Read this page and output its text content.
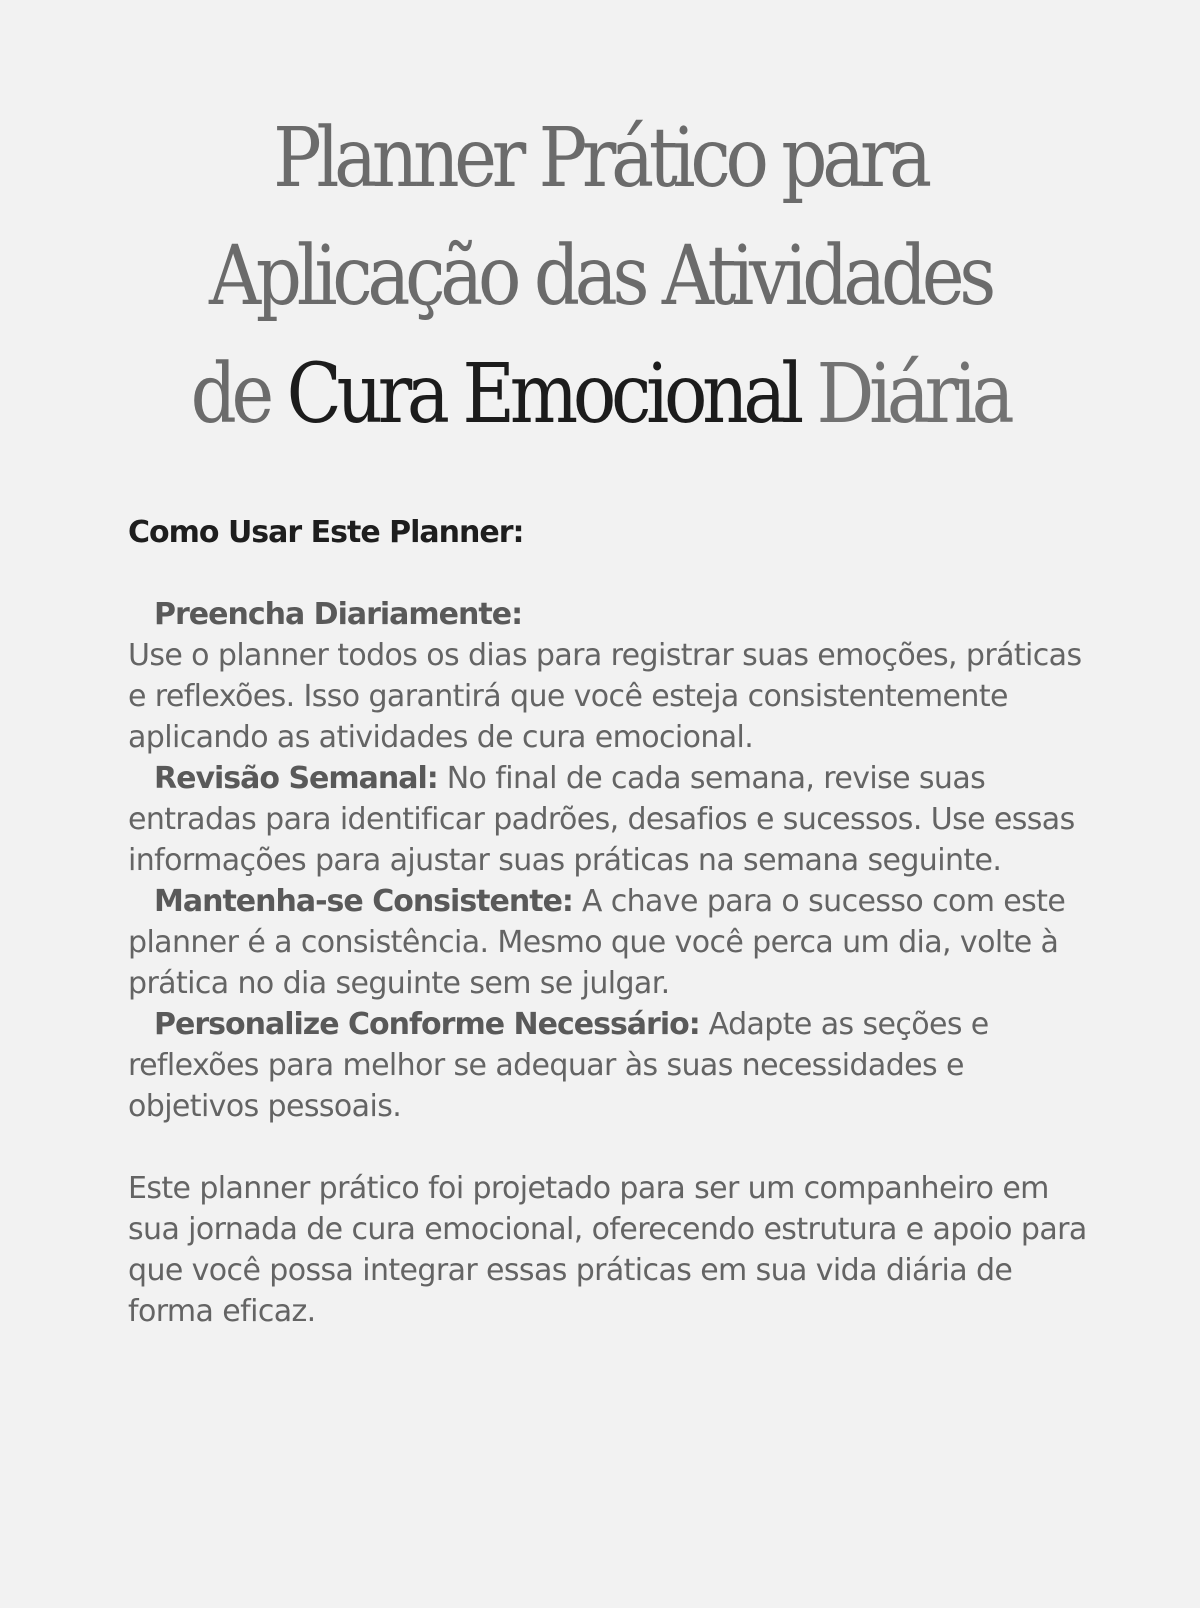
Planner Prático para
Aplicação das Atividades
de Cura Emocional Diária
Como Usar Este Planner:

Preencha Diariamente:
Use o planner todos os dias para registrar suas emoções, práticas e reflexões. Isso garantirá que você esteja consistentemente aplicando as atividades de cura emocional.

Revisão Semanal: No final de cada semana, revise suas entradas para identificar padrões, desafios e sucessos. Use essas informações para ajustar suas práticas na semana seguinte.

Mantenha-se Consistente: A chave para o sucesso com este planner é a consistência. Mesmo que você perca um dia, volte à prática no dia seguinte sem se julgar.

Personalize Conforme Necessário: Adapte as seções e reflexões para melhor se adequar às suas necessidades e objetivos pessoais.

Este planner prático foi projetado para ser um companheiro em sua jornada de cura emocional, oferecendo estrutura e apoio para que você possa integrar essas práticas em sua vida diária de forma eficaz.
